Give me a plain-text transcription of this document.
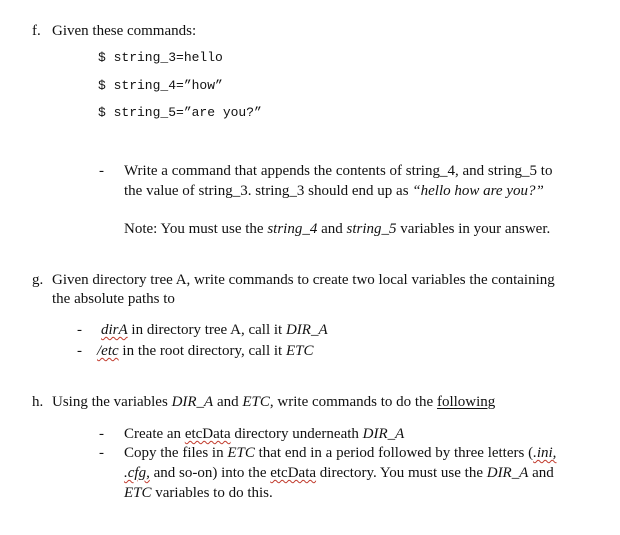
f. Given these commands:
$ string_3=hello
$ string_4=”how”
$ string_5=”are you?”
- Write a command that appends the contents of string_4, and string_5 to
the value of string_3. string_3 should end up as “hello how are you?”
Note: You must use the string_4 and string_5 variables in your answer.
g. Given directory tree A, write commands to create two local variables the containing
the absolute paths to
- dirA in directory tree A, call it DIR_A
- /etc in the root directory, call it ETC
h. Using the variables DIR_A and ETC, write commands to do the following
- Create an etcData directory underneath DIR_A
- Copy the files in ETC that end in a period followed by three letters (.ini,
.cfg, and so-on) into the etcData directory. You must use the DIR_A and
ETC variables to do this.
